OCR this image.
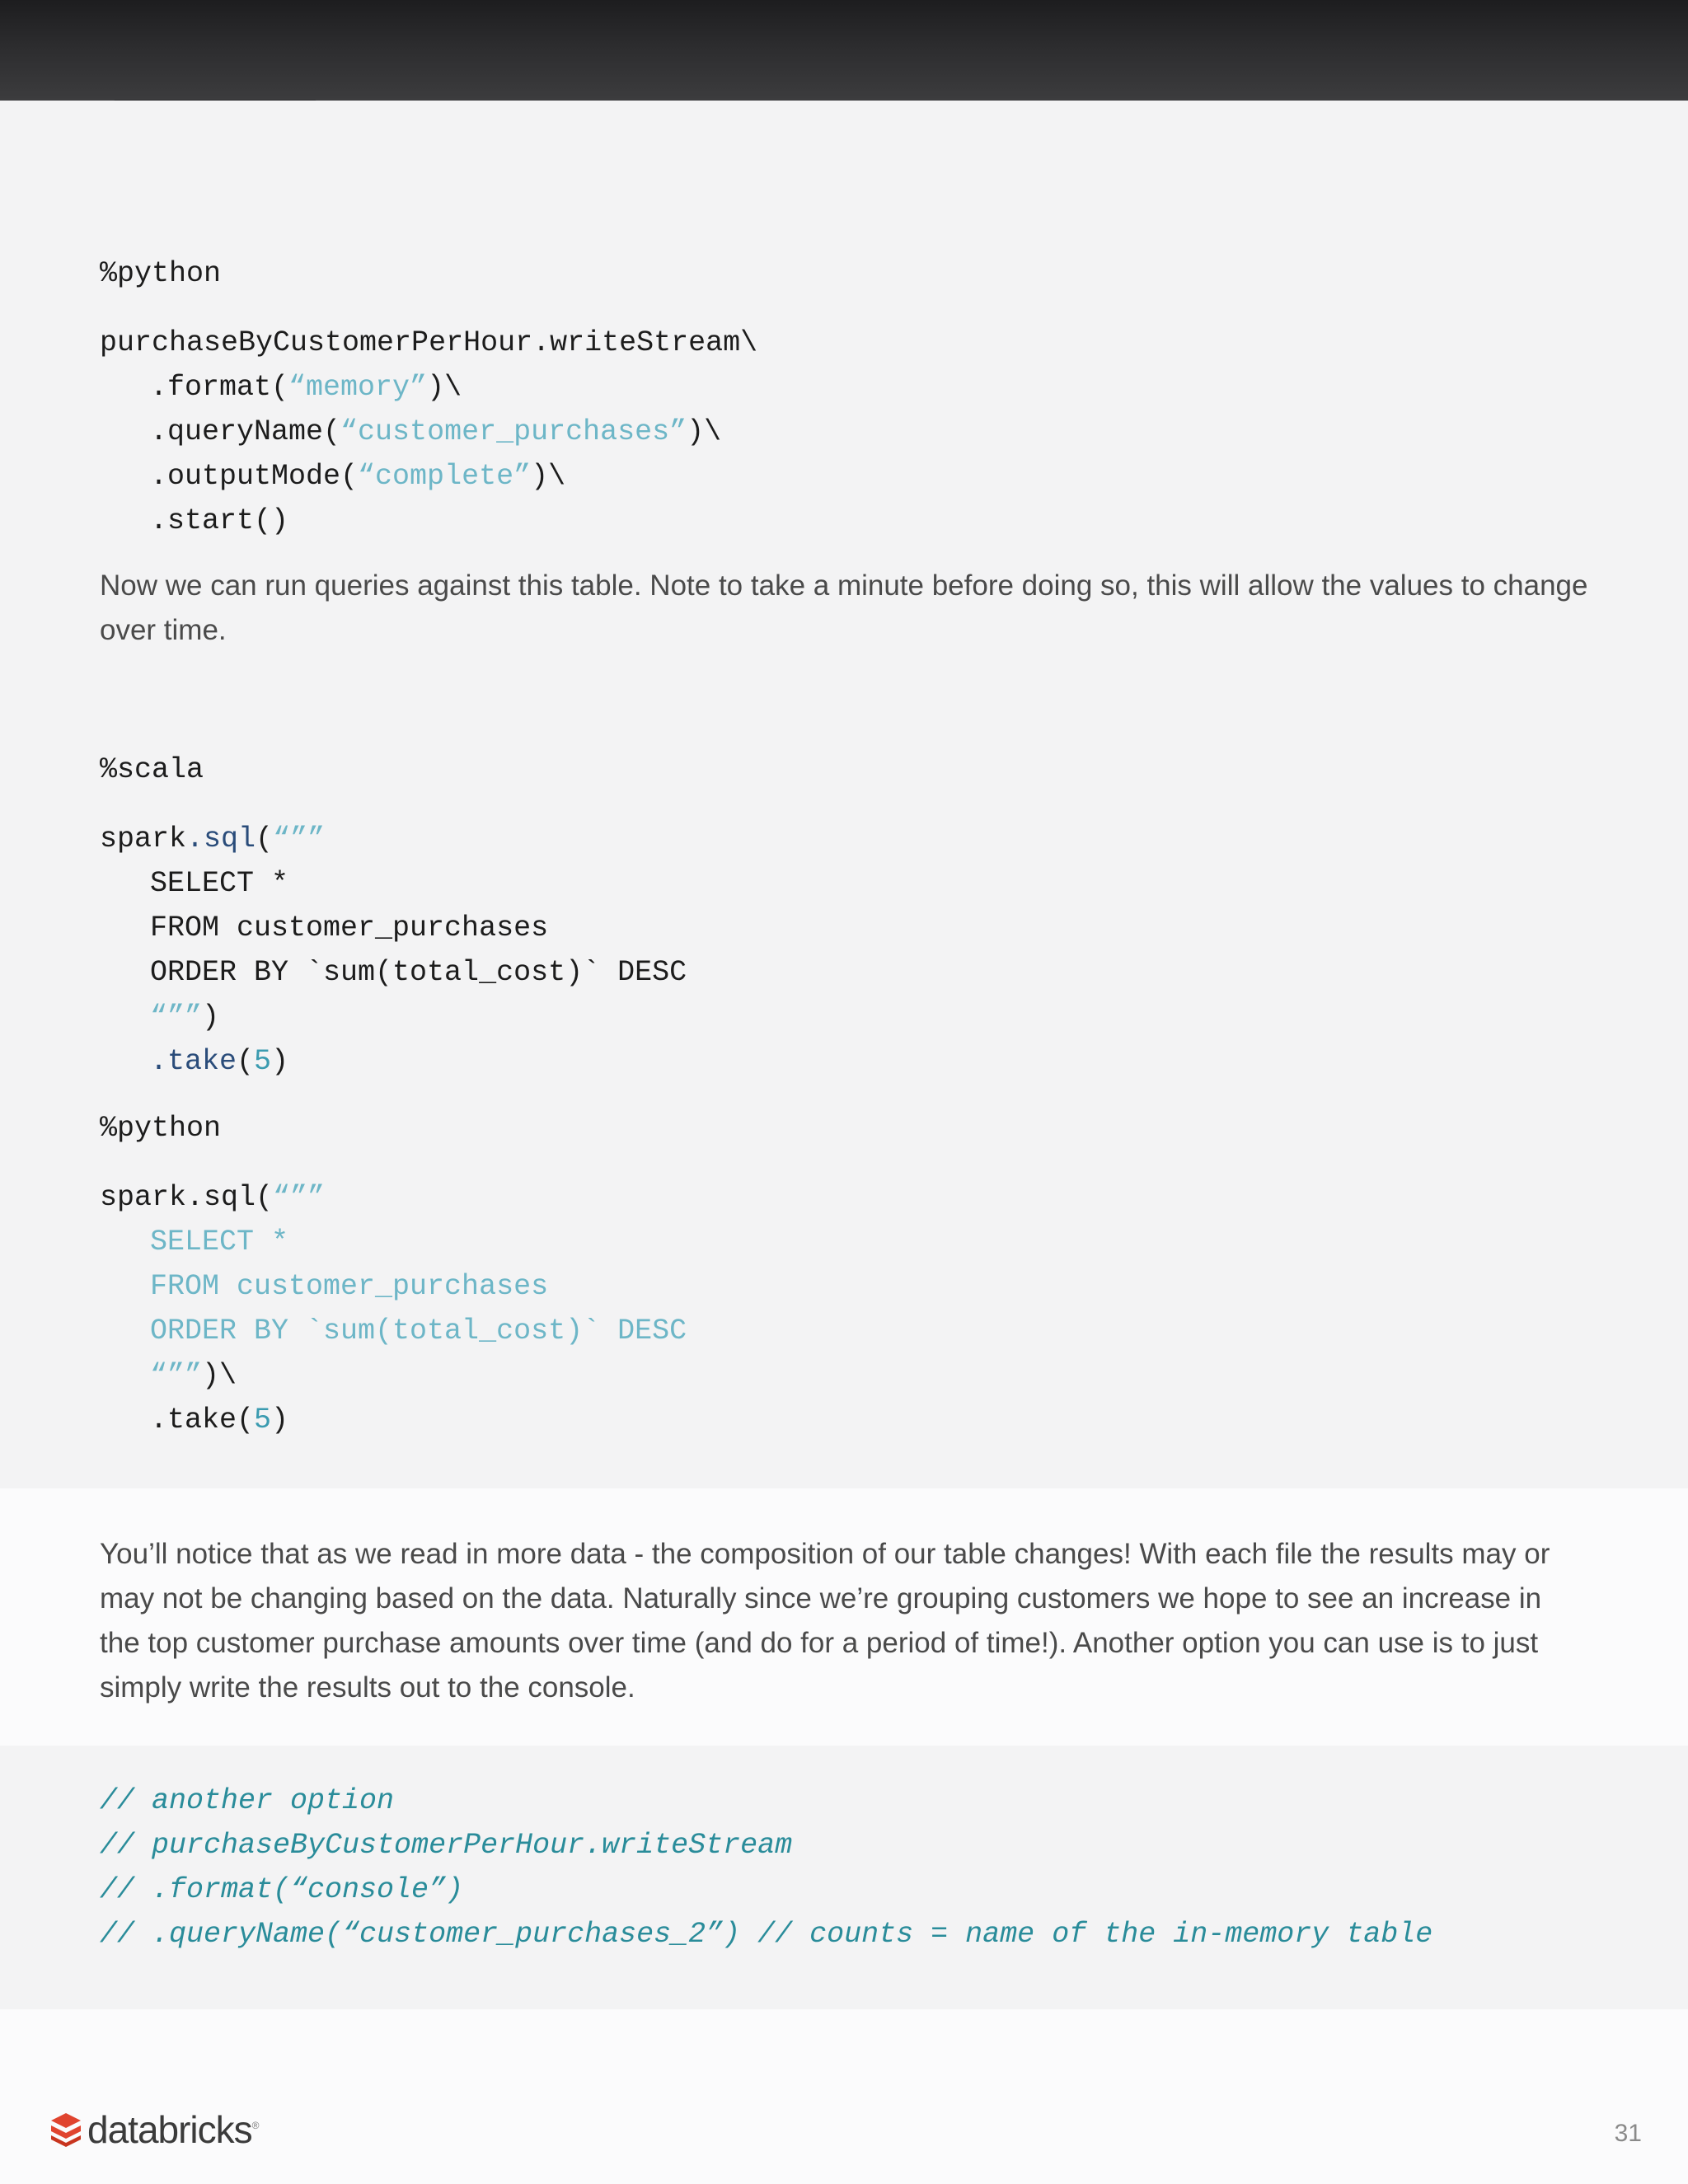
%python

purchaseByCustomerPerHour.writeStream\
.format(“memory”)\
.queryName(“customer_purchases”)\
.outputMode(“complete”)\
.start()

Now we can run queries against this table. Note to take a minute before doing so, this will allow the values to change over time.

%scala

spark.sql(“””
SELECT *
FROM customer_purchases
ORDER BY `sum(total_cost)` DESC
“””)
.take(5)
%python

spark.sql(“””
SELECT *
FROM customer_purchases
ORDER BY `sum(total_cost)` DESC
“””)\
.take(5)

You’ll notice that as we read in more data - the composition of our table changes! With each file the results may or may not be changing based on the data. Naturally since we’re grouping customers we hope to see an increase in the top customer purchase amounts over time (and do for a period of time!). Another option you can use is to just simply write the results out to the console.

// another option
// purchaseByCustomerPerHour.writeStream
// .format(“console”)
// .queryName(“customer_purchases_2”) // counts = name of the in-memory table
databricks ®	31
